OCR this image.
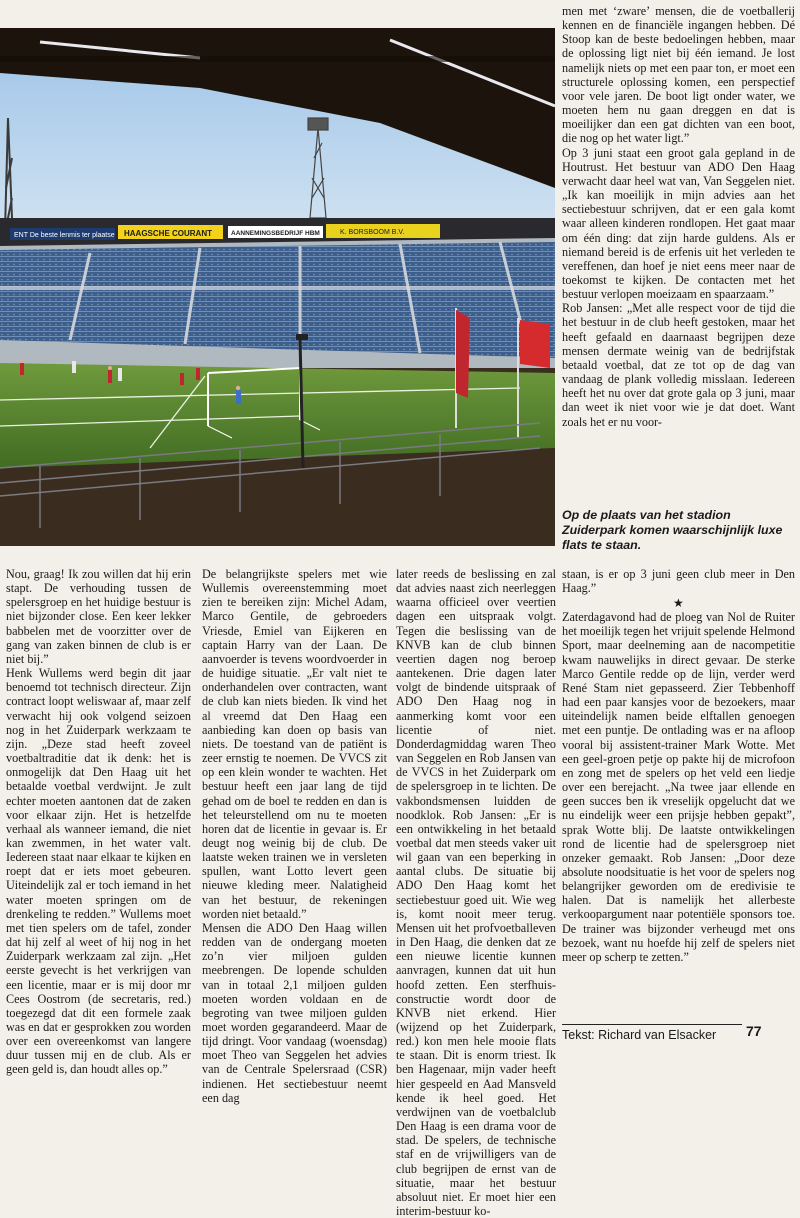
ENT De beste lenmis ter plaatse HAAGSCHE COURANT	AANNEMINGSBEDRIJF HBM	K. BORSBOOM B.V.

men met ‘zware’ mensen, die de voetballerij kennen en de financiële ingangen hebben. Dé Stoop kan de beste bedoelingen hebben, maar de oplossing ligt niet bij één iemand. Je lost namelijk niets op met een paar ton, er moet een structurele oplossing komen, een perspectief voor vele jaren. De boot ligt onder water, we moeten hem nu gaan dreggen en dat is moeilijker dan een gat dichten van een boot, die nog op het water ligt.”

Op 3 juni staat een groot gala gepland in de Houtrust. Het bestuur van ADO Den Haag verwacht daar heel wat van, Van Seggelen niet. „Ik kan moeilijk in mijn advies aan het sectiebestuur schrijven, dat er een gala komt waar alleen kinderen rondlopen. Het gaat maar om één ding: dat zijn harde guldens. Als er niemand bereid is de erfenis uit het verleden te vereffenen, dan hoef je niet eens meer naar de toekomst te kijken. De contacten met het bestuur verlopen moeizaam en spaarzaam.”

Rob Jansen: „Met alle respect voor de tijd die het bestuur in de club heeft gestoken, maar het heeft gefaald en daarnaast begrijpen deze mensen dermate weinig van de bedrijfstak betaald voetbal, dat ze tot op de dag van vandaag de plank volledig misslaan. Iedereen heeft het nu over dat grote gala op 3 juni, maar dan weet ik niet voor wie je dat doet. Want zoals het er nu voor-

Op de plaats van het stadion Zuiderpark komen waarschijnlijk luxe flats te staan.

Nou, graag! Ik zou willen dat hij erin stapt. De verhouding tussen de spelersgroep en het huidige bestuur is niet bijzonder close. Een keer lekker babbelen met de voorzitter over de gang van zaken binnen de club is er niet bij.”

Henk Wullems werd begin dit jaar benoemd tot technisch directeur. Zijn contract loopt weliswaar af, maar zelf verwacht hij ook volgend seizoen nog in het Zuiderpark werkzaam te zijn. „Deze stad heeft zoveel voetbaltraditie dat ik denk: het is onmogelijk dat Den Haag uit het betaalde voetbal verdwijnt. Je zult echter moeten aantonen dat de zaken voor elkaar zijn. Het is hetzelfde verhaal als wanneer iemand, die niet kan zwemmen, in het water valt. Iedereen staat naar elkaar te kijken en roept dat er iets moet gebeuren. Uiteindelijk zal er toch iemand in het water moeten springen om de drenkeling te redden.” Wullems moet met tien spelers om de tafel, zonder dat hij zelf al weet of hij nog in het Zuiderpark werkzaam zal zijn. „Het eerste gevecht is het verkrijgen van een licentie, maar er is mij door mr Cees Oostrom (de secretaris, red.) toegezegd dat dit een formele zaak was en dat er gesprokken zou worden over een overeenkomst van langere duur tussen mij en de club. Als er geen geld is, dan houdt alles op.”

De belangrijkste spelers met wie Wullemis overeenstemming moet zien te bereiken zijn: Michel Adam, Marco Gentile, de gebroeders Vriesde, Emiel van Eijkeren en captain Harry van der Laan. De aanvoerder is tevens woordvoerder in de huidige situatie. „Er valt niet te onderhandelen over contracten, want de club kan niets bieden. Ik vind het al vreemd dat Den Haag een aanbieding kan doen op basis van niets. De toestand van de patiënt is zeer ernstig te noemen. De VVCS zit op een klein wonder te wachten. Het bestuur heeft een jaar lang de tijd gehad om de boel te redden en dan is het teleurstellend om nu te moeten horen dat de licentie in gevaar is. Er deugt nog weinig bij de club. De laatste weken trainen we in versleten spullen, want Lotto levert geen nieuwe kleding meer. Nalatigheid van het bestuur, de rekeningen worden niet betaald.”

Mensen die ADO Den Haag willen redden van de ondergang moeten zo’n vier miljoen gulden meebrengen. De lopende schulden van in totaal 2,1 miljoen gulden moeten worden voldaan en de begroting van twee miljoen gulden moet worden gegarandeerd. Maar de tijd dringt. Voor vandaag (woensdag) moet Theo van Seggelen het advies van de Centrale Spelersraad (CSR) indienen. Het sectiebestuur neemt een dag

later reeds de beslissing en zal dat advies naast zich neerleggen waarna officieel over veertien dagen een uitspraak volgt. Tegen die beslissing van de KNVB kan de club binnen veertien dagen nog beroep aantekenen. Drie dagen later volgt de bindende uitspraak of ADO Den Haag nog in aanmerking komt voor een licentie of niet. Donderdagmiddag waren Theo van Seggelen en Rob Jansen van de VVCS in het Zuiderpark om de spelersgroep in te lichten. De vakbondsmensen luidden de noodklok. Rob Jansen: „Er is een ontwikkeling in het betaald voetbal dat men steeds vaker uit wil gaan van een beperking in aantal clubs. De situatie bij ADO Den Haag komt het sectiebestuur goed uit. Wie weg is, komt nooit meer terug. Mensen uit het profvoetballeven in Den Haag, die denken dat ze een nieuwe licentie kunnen aanvragen, kunnen dat uit hun hoofd zetten. Een sterfhuis-constructie wordt door de KNVB niet erkend. Hier (wijzend op het Zuiderpark, red.) kon men hele mooie flats te staan. Dit is enorm triest. Ik ben Hagenaar, mijn vader heeft hier gespeeld en Aad Mansveld kende ik heel goed. Het verdwijnen van de voetbalclub Den Haag is een drama voor de stad. De spelers, de technische staf en de vrijwilligers van de club begrijpen de ernst van de situatie, maar het bestuur absoluut niet. Er moet hier een interim-bestuur ko-

staan, is er op 3 juni geen club meer in Den Haag.”

★

Zaterdagavond had de ploeg van Nol de Ruiter het moeilijk tegen het vrijuit spelende Helmond Sport, maar deelneming aan de nacompetitie kwam nauwelijks in direct gevaar. De sterke Marco Gentile redde op de lijn, verder werd René Stam niet gepasseerd. Zier Tebbenhoff had een paar kansjes voor de bezoekers, maar uiteindelijk namen beide elftallen genoegen met een puntje. De ontlading was er na afloop vooral bij assistent-trainer Mark Wotte. Met een geel-groen petje op pakte hij de microfoon en zong met de spelers op het veld een liedje over een berejacht. „Na twee jaar ellende en geen succes ben ik vreselijk opgelucht dat we nu eindelijk weer een prijsje hebben gepakt”, sprak Wotte blij. De laatste ontwikkelingen rond de licentie had de spelersgroep niet onzeker gemaakt. Rob Jansen: „Door deze absolute noodsituatie is het voor de spelers nog belangrijker geworden om de eredivisie te halen. Dat is namelijk het allerbeste verkoopargument naar potentiële sponsors toe. De trainer was bijzonder verheugd met ons bezoek, want nu hoefde hij zelf de spelers niet meer op scherp te zetten.”

Tekst: Richard van Elsacker	77
